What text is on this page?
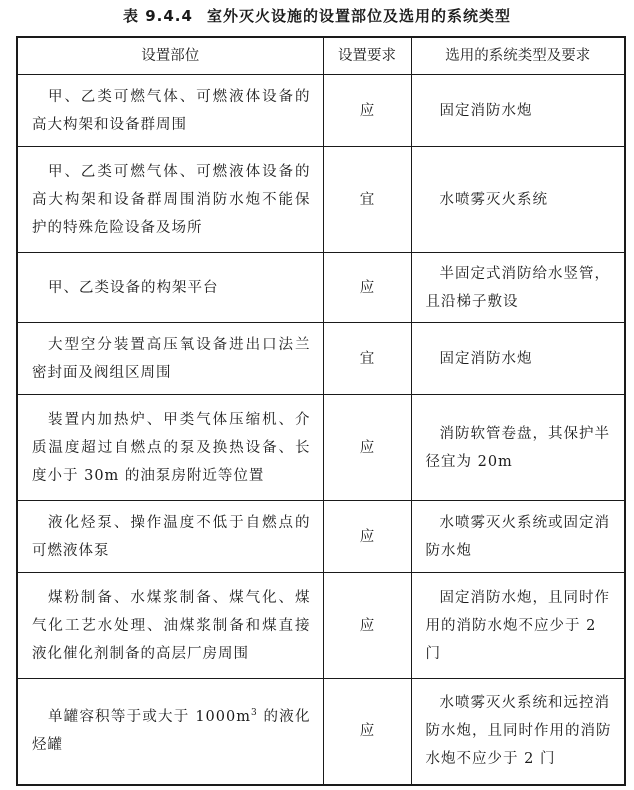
表 9.4.4 室外灭火设施的设置部位及选用的系统类型
设置部位	设置要求	选用的系统类型及要求

甲、乙类可燃气体、可燃液体设备的高大构架和设备群周围	应	固定消防水炮

甲、乙类可燃气体、可燃液体设备的高大构架和设备群周围消防水炮不能保护的特殊危险设备及场所	宜	水喷雾灭火系统

甲、乙类设备的构架平台	应	半固定式消防给水竖管，且沿梯子敷设

大型空分装置高压氧设备进出口法兰密封面及阀组区周围	宜	固定消防水炮

装置内加热炉、甲类气体压缩机、介质温度超过自燃点的泵及换热设备、长度小于 30m 的油泵房附近等位置	应	消防软管卷盘，其保护半径宜为 20m

液化烃泵、操作温度不低于自燃点的可燃液体泵	应	水喷雾灭火系统或固定消防水炮

煤粉制备、水煤浆制备、煤气化、煤气化工艺水处理、油煤浆制备和煤直接液化催化剂制备的高层厂房周围	应	固定消防水炮，且同时作用的消防水炮不应少于 2 门

单罐容积等于或大于 $1000m^3$ 的液化烃罐	应	水喷雾灭火系统和远控消防水炮，且同时作用的消防水炮不应少于 2 门
